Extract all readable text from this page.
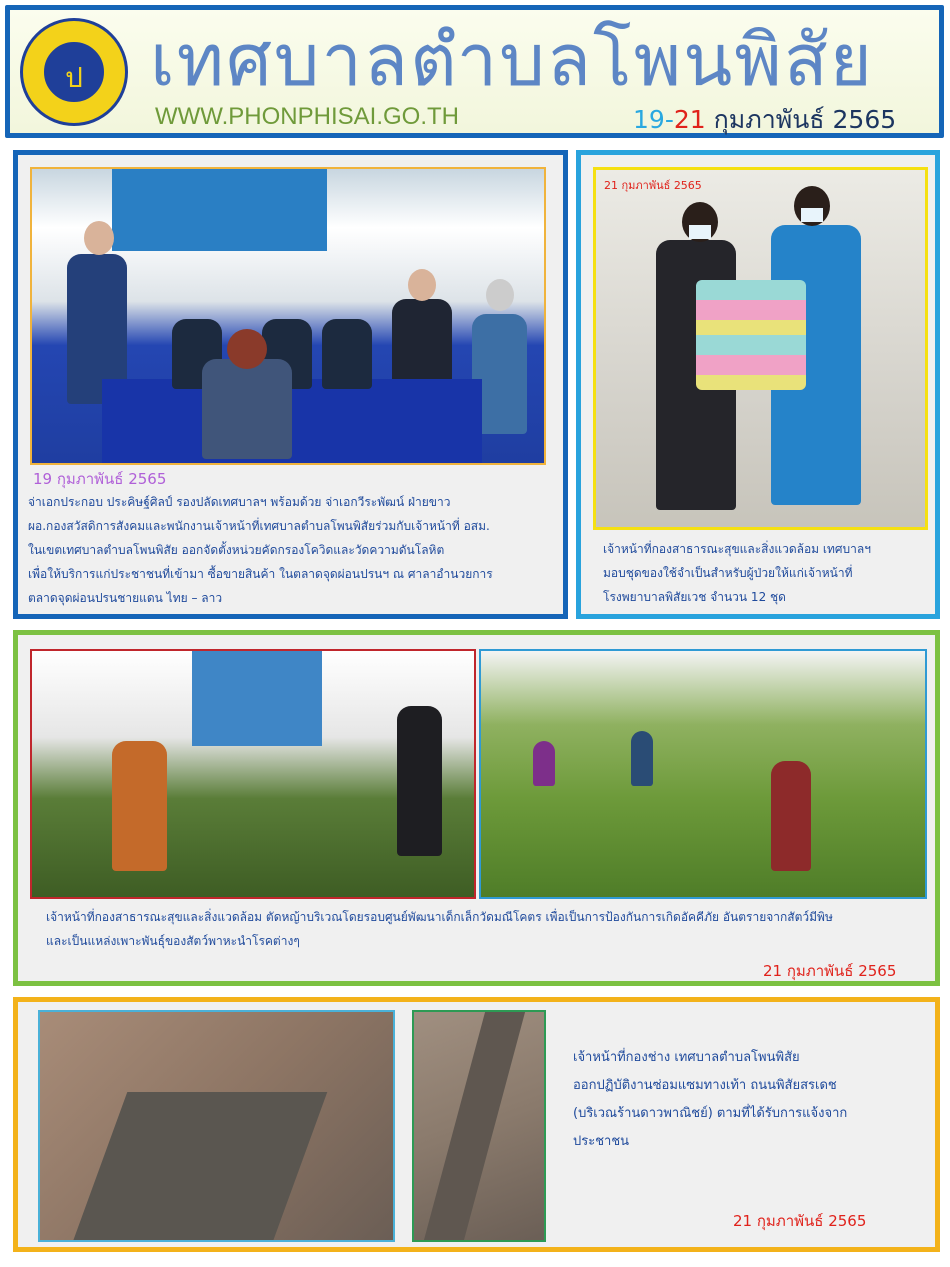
ป เทศบาลตำบลโพนพิสัย
WWW.PHONPHISAI.GO.TH	19-21 กุมภาพันธ์ 2565
19 กุมภาพันธ์ 2565
จ่าเอกประกอบ ประคิษฐ์ศิลป์ รองปลัดเทศบาลฯ พร้อมด้วย จ่าเอกวีระพัฒน์ ฝ่ายขาว
ผอ.กองสวัสดิการสังคมและพนักงานเจ้าหน้าที่เทศบาลตำบลโพนพิสัยร่วมกับเจ้าหน้าที่ อสม.
ในเขตเทศบาลตำบลโพนพิสัย ออกจัดตั้งหน่วยคัดกรองโควิดและวัดความดันโลหิต
เพื่อให้บริการแก่ประชาชนที่เข้ามา ซื้อขายสินค้า ในตลาดจุดผ่อนปรนฯ ณ ศาลาอำนวยการ
ตลาดจุดผ่อนปรนชายแดน ไทย – ลาว
21 กุมภาพันธ์ 2565
เจ้าหน้าที่กองสาธารณะสุขและสิ่งแวดล้อม เทศบาลฯ
มอบชุดของใช้จำเป็นสำหรับผู้ป่วยให้แก่เจ้าหน้าที่
โรงพยาบาลพิสัยเวช จำนวน 12 ชุด
เจ้าหน้าที่กองสาธารณะสุขและสิ่งแวดล้อม ตัดหญ้าบริเวณโดยรอบศูนย์พัฒนาเด็กเล็กวัดมณีโคตร เพื่อเป็นการป้องกันการเกิดอัคคีภัย อันตรายจากสัตว์มีพิษ
และเป็นแหล่งเพาะพันธุ์ของสัตว์พาหะนำโรคต่างๆ
21 กุมภาพันธ์ 2565
เจ้าหน้าที่กองช่าง เทศบาลตำบลโพนพิสัย
ออกปฏิบัติงานซ่อมแซมทางเท้า ถนนพิสัยสรเดช
(บริเวณร้านดาวพาณิชย์) ตามที่ได้รับการแจ้งจาก
ประชาชน
21 กุมภาพันธ์ 2565
